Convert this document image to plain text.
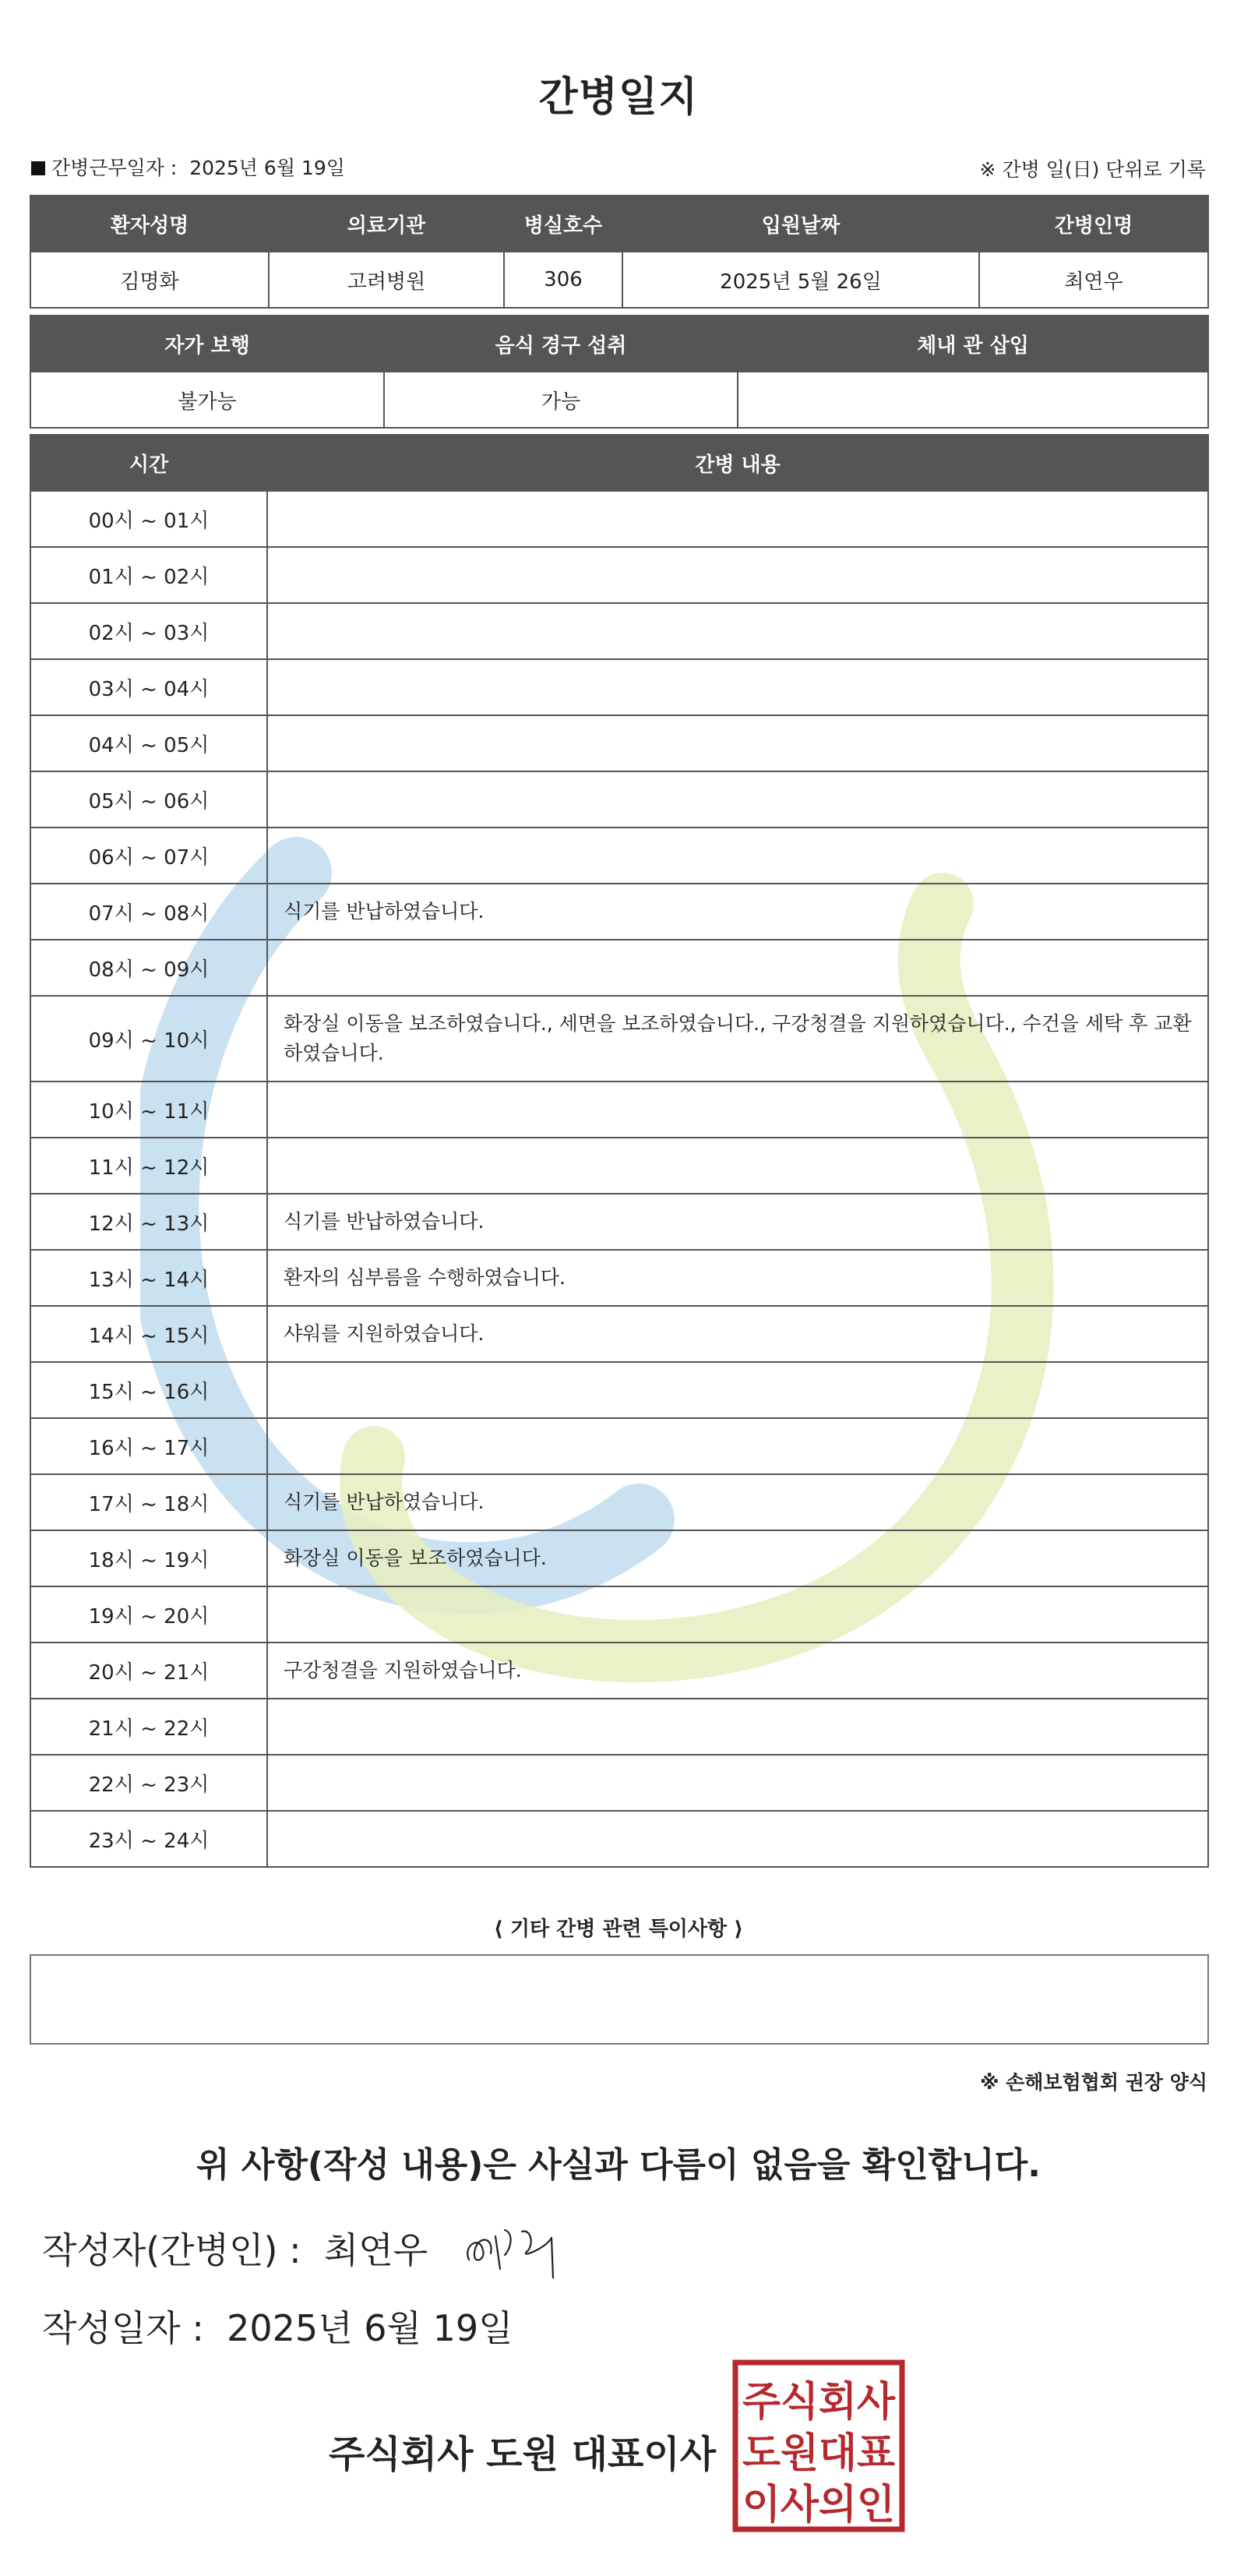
간병일지
간병근무일자 : 2025년 6월 19일	※ 간병 일(日) 단위로 기록
환자성명	의료기관	병실호수	입원날짜	간병인명
김명화	고려병원	306	2025년 5월 26일	최연우
자가 보행	음식 경구 섭취	체내 관 삽입
불가능	가능	
시간	간병 내용
00시 ~ 01시	
01시 ~ 02시	
02시 ~ 03시	
03시 ~ 04시	
04시 ~ 05시	
05시 ~ 06시	
06시 ~ 07시	
07시 ~ 08시	식기를 반납하였습니다.
08시 ~ 09시	
09시 ~ 10시	화장실 이동을 보조하였습니다., 세면을 보조하였습니다., 구강청결을 지원하였습니다., 수건을 세탁 후 교환하였습니다.
10시 ~ 11시	
11시 ~ 12시	
12시 ~ 13시	식기를 반납하였습니다.
13시 ~ 14시	환자의 심부름을 수행하였습니다.
14시 ~ 15시	샤워를 지원하였습니다.
15시 ~ 16시	
16시 ~ 17시	
17시 ~ 18시	식기를 반납하였습니다.
18시 ~ 19시	화장실 이동을 보조하였습니다.
19시 ~ 20시	
20시 ~ 21시	구강청결을 지원하였습니다.
21시 ~ 22시	
22시 ~ 23시	
23시 ~ 24시	
⟨ 기타 간병 관련 특이사항 ⟩
※ 손해보험협회 권장 양식
위 사항(작성 내용)은 사실과 다름이 없음을 확인합니다.
작성자(간병인) : 최연우
작성일자 : 2025년 6월 19일
주식회사 도원 대표이사
주식회사
도원대표
이사의인
